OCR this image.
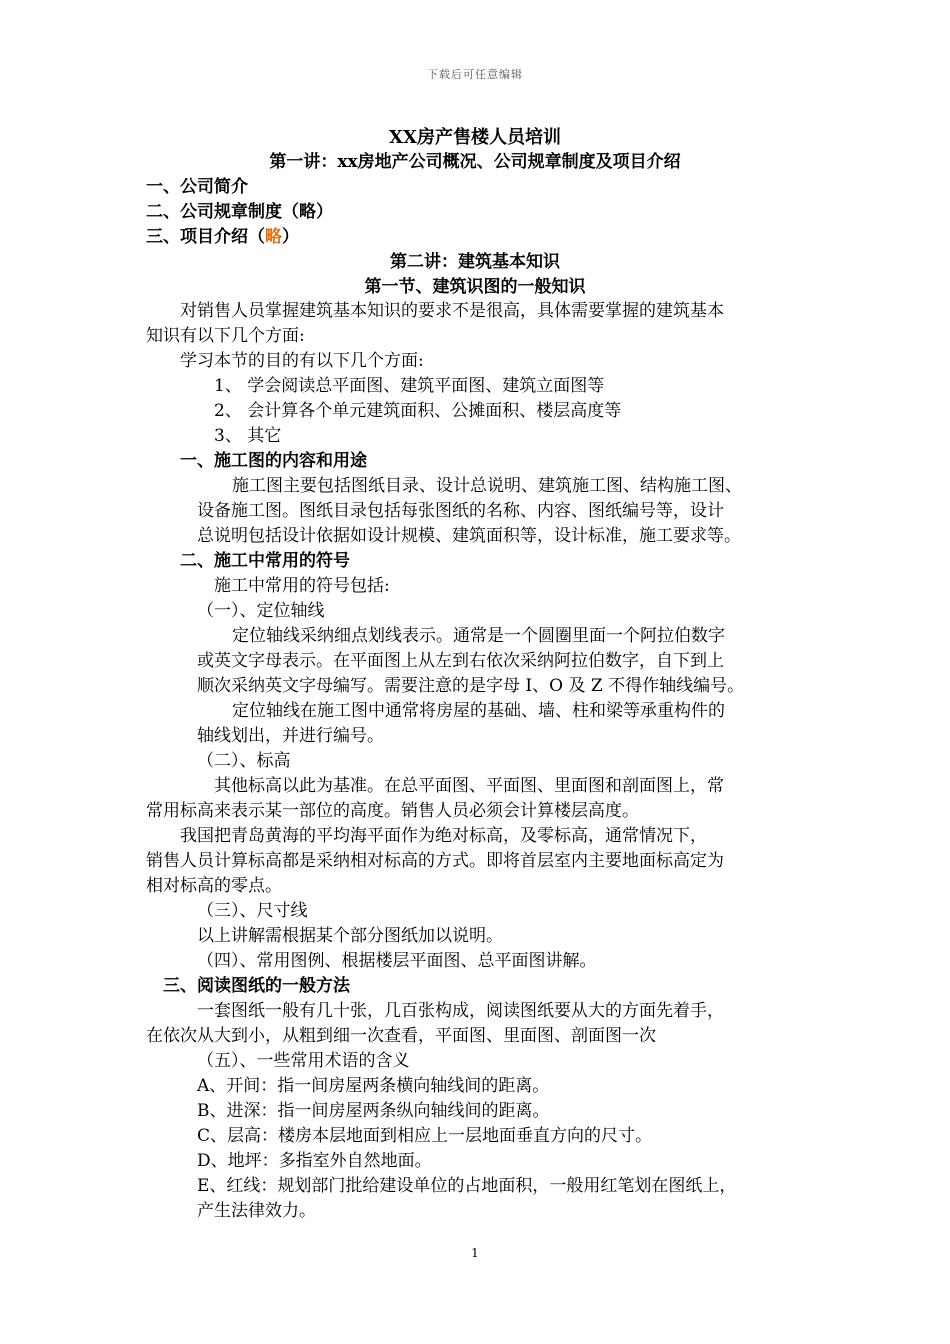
下载后可任意编辑
XX房产售楼人员培训
第一讲：xx房地产公司概况、公司规章制度及项目介绍
一、公司简介
二、公司规章制度（略）
三、项目介绍（略）
第二讲：建筑基本知识
第一节、建筑识图的一般知识
对销售人员掌握建筑基本知识的要求不是很高，具体需要掌握的建筑基本
知识有以下几个方面:
学习本节的目的有以下几个方面:
1、 学会阅读总平面图、建筑平面图、建筑立面图等
2、 会计算各个单元建筑面积、公摊面积、楼层高度等
3、 其它
一、施工图的内容和用途
施工图主要包括图纸目录、设计总说明、建筑施工图、结构施工图、
设备施工图。图纸目录包括每张图纸的名称、内容、图纸编号等，设计
总说明包括设计依据如设计规模、建筑面积等，设计标准，施工要求等。
二、施工中常用的符号
施工中常用的符号包括:
（一）、定位轴线
定位轴线采纳细点划线表示。通常是一个圆圈里面一个阿拉伯数字
或英文字母表示。在平面图上从左到右依次采纳阿拉伯数字，自下到上
顺次采纳英文字母编写。需要注意的是字母 I、O 及 Z 不得作轴线编号。
定位轴线在施工图中通常将房屋的基础、墙、柱和梁等承重构件的
轴线划出，并进行编号。
（二）、标高
其他标高以此为基准。在总平面图、平面图、里面图和剖面图上，常
常用标高来表示某一部位的高度。销售人员必须会计算楼层高度。
我国把青岛黄海的平均海平面作为绝对标高，及零标高，通常情况下，
销售人员计算标高都是采纳相对标高的方式。即将首层室内主要地面标高定为
相对标高的零点。
（三）、尺寸线
以上讲解需根据某个部分图纸加以说明。
（四）、常用图例、根据楼层平面图、总平面图讲解。
三、阅读图纸的一般方法
一套图纸一般有几十张，几百张构成，阅读图纸要从大的方面先着手，
在依次从大到小，从粗到细一次查看，平面图、里面图、剖面图一次
（五）、一些常用术语的含义
A、开间：指一间房屋两条横向轴线间的距离。
B、进深：指一间房屋两条纵向轴线间的距离。
C、层高：楼房本层地面到相应上一层地面垂直方向的尺寸。
D、地坪：多指室外自然地面。
E、红线：规划部门批给建设单位的占地面积，一般用红笔划在图纸上，
产生法律效力。
1
